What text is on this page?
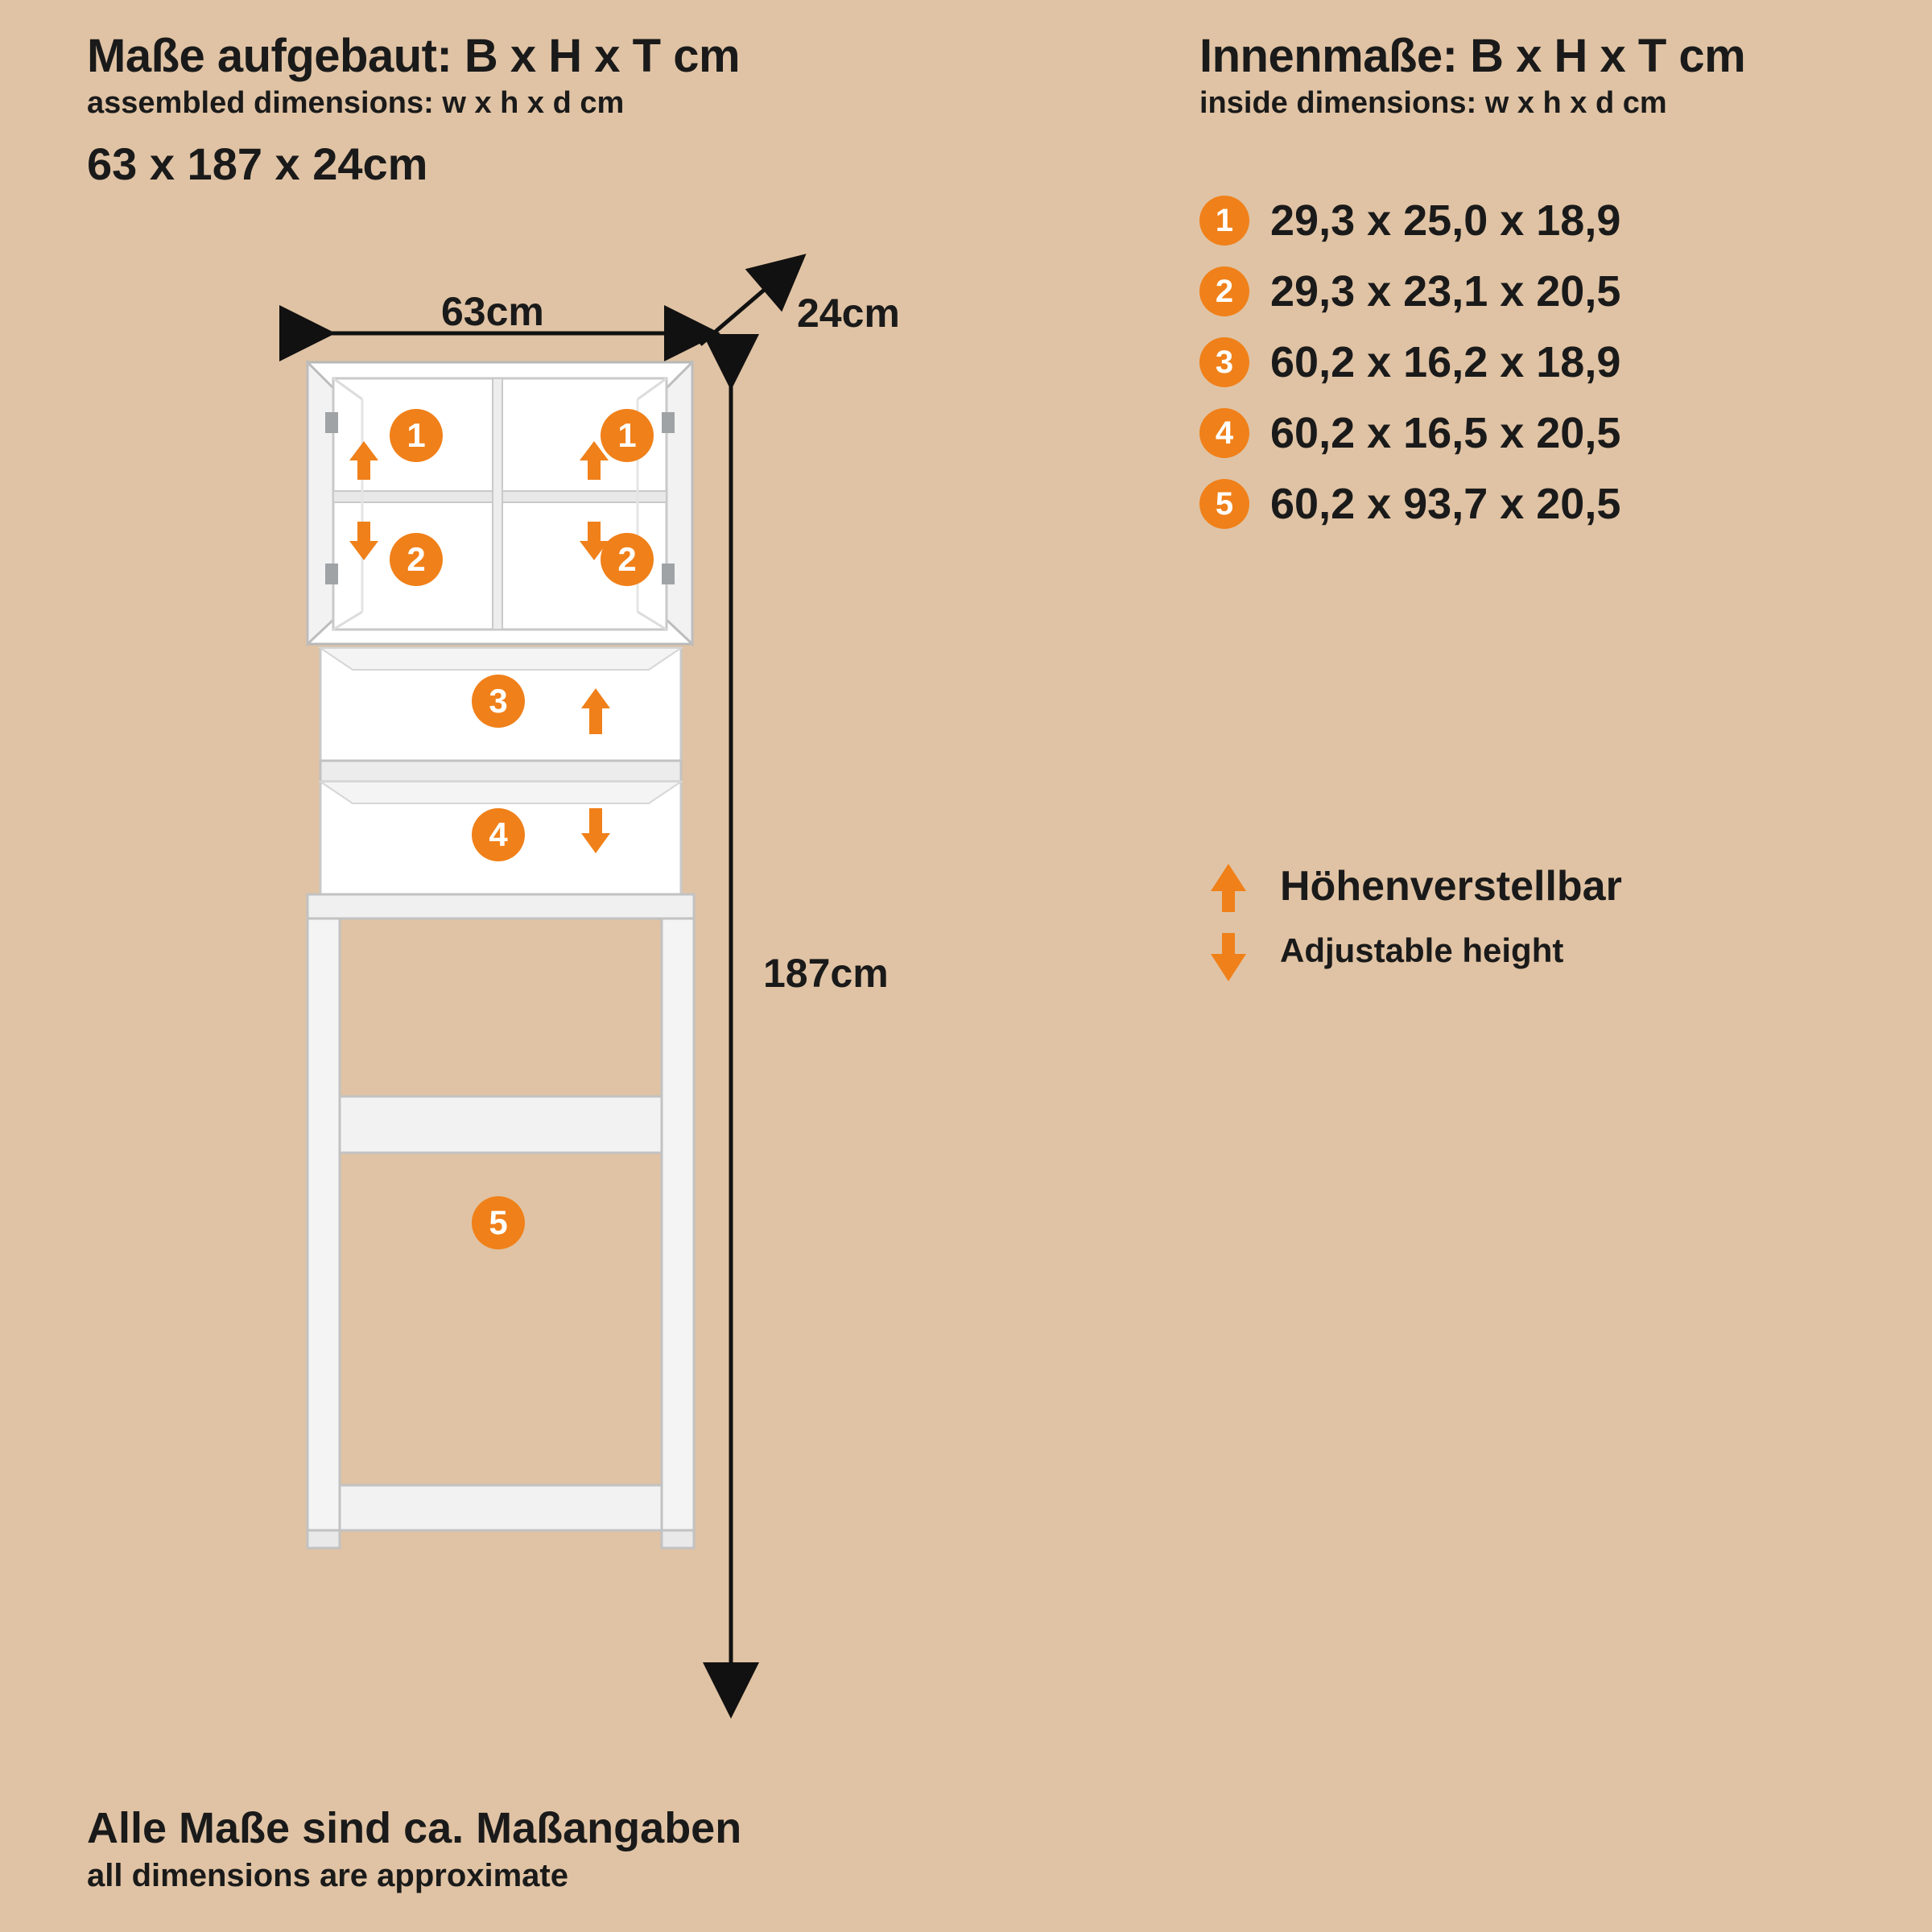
Maße aufgebaut: B x H x T cm
assembled dimensions: w x h x d cm
63 x 187 x 24cm
Innenmaße: B x H x T cm
inside dimensions: w x h x d cm
1 29,3 x 25,0 x 18,9
2 29,3 x 23,1 x 20,5
3 60,2 x 16,2 x 18,9
4 60,2 x 16,5 x 20,5
5 60,2 x 93,7 x 20,5
Höhenverstellbar
Adjustable height
Alle Maße sind ca. Maßangaben
all dimensions are approximate
63cm	24cm
187cm
1	1
2	2
3
4
5
